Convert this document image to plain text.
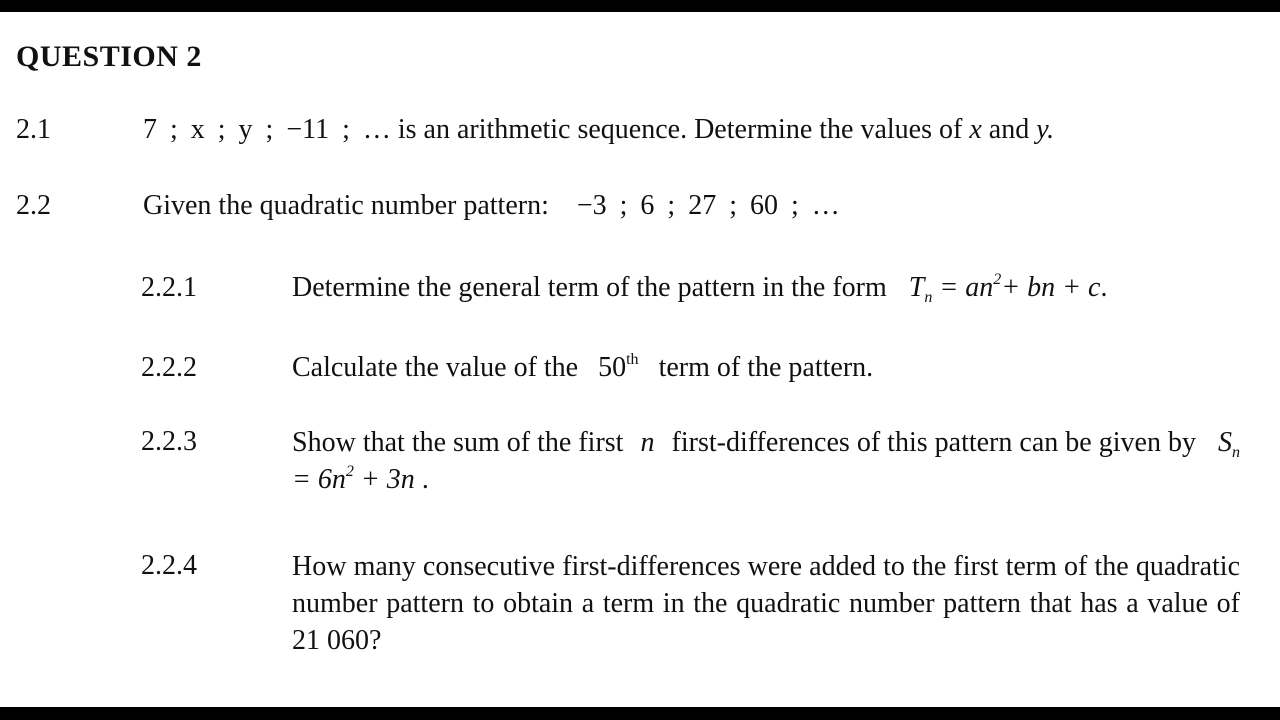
QUESTION 2
2.1	7 ; x ; y ; −11 ; … is an arithmetic sequence. Determine the values of x and y.
2.2	Given the quadratic number pattern: −3 ; 6 ; 27 ; 60 ; …
2.2.1	Determine the general term of the pattern in the form $T_n = an^2+$ bn + c.
2.2.2	Calculate the value of the 50th term of the pattern.
2.2.3	Show that the sum of the first n first-differences of this pattern can be given by $S_n = 6n^2 + 3n$ .
2.2.4	How many consecutive first-differences were added to the first term of the quadratic number pattern to obtain a term in the quadratic number pattern that has a value of 21 060?
